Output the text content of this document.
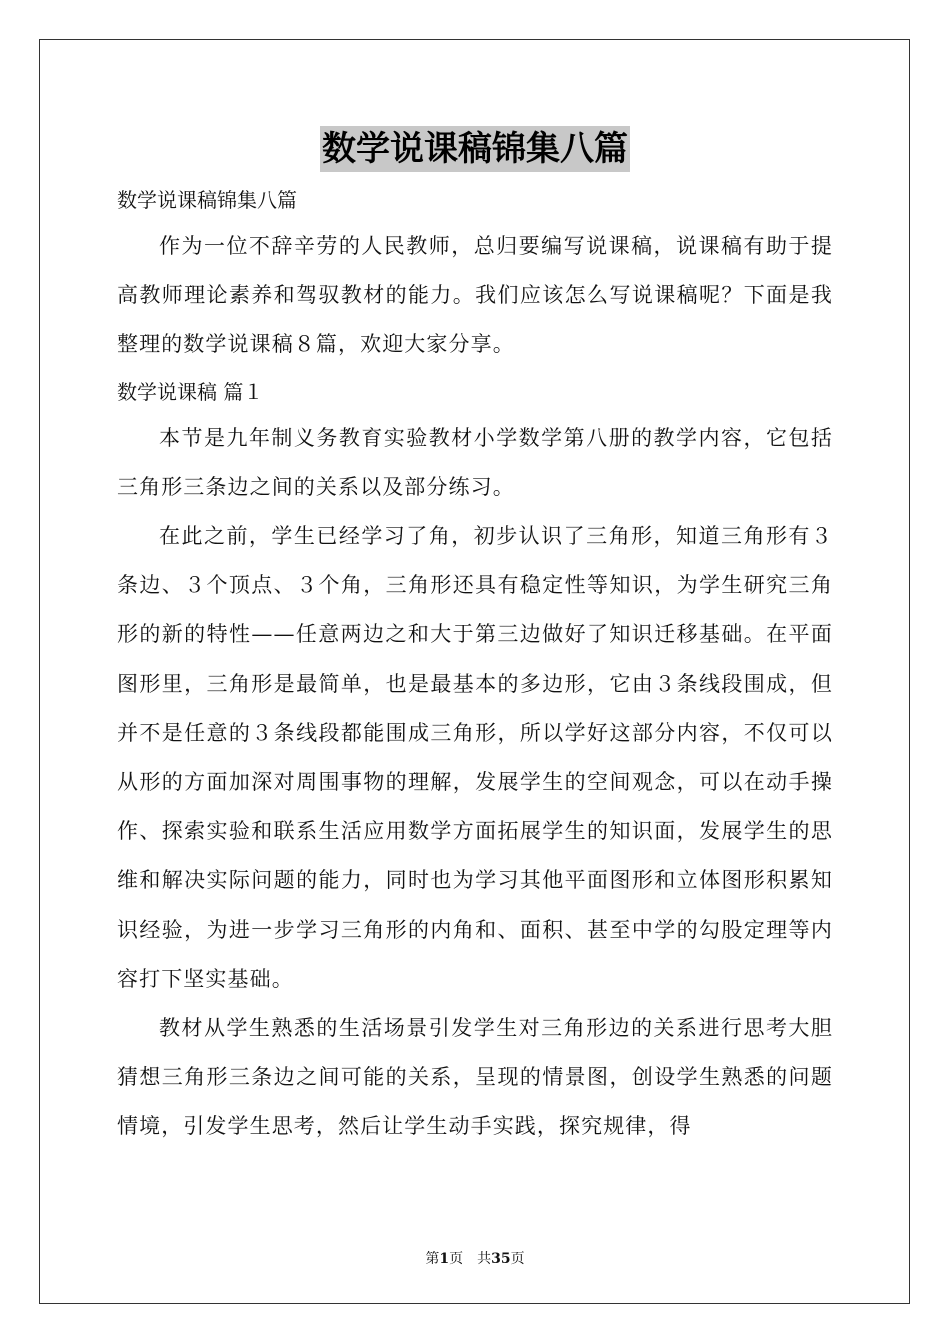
数学说课稿锦集八篇

数学说课稿锦集八篇

作为一位不辞辛劳的人民教师，总归要编写说课稿，说课稿有助于提高教师理论素养和驾驭教材的能力。我们应该怎么写说课稿呢？下面是我整理的数学说课稿８篇，欢迎大家分享。

数学说课稿 篇１

本节是九年制义务教育实验教材小学数学第八册的教学内容，它包括三角形三条边之间的关系以及部分练习。

在此之前，学生已经学习了角，初步认识了三角形，知道三角形有３条边、３个顶点、３个角，三角形还具有稳定性等知识，为学生研究三角形的新的特性——任意两边之和大于第三边做好了知识迁移基础。在平面图形里，三角形是最简单，也是最基本的多边形，它由３条线段围成，但并不是任意的３条线段都能围成三角形，所以学好这部分内容，不仅可以从形的方面加深对周围事物的理解，发展学生的空间观念，可以在动手操作、探索实验和联系生活应用数学方面拓展学生的知识面，发展学生的思维和解决实际问题的能力，同时也为学习其他平面图形和立体图形积累知识经验，为进一步学习三角形的内角和、面积、甚至中学的勾股定理等内容打下坚实基础。

教材从学生熟悉的生活场景引发学生对三角形边的关系进行思考大胆猜想三角形三条边之间可能的关系，呈现的情景图，创设学生熟悉的问题情境，引发学生思考，然后让学生动手实践，探究规律，得

第1页　共35页
